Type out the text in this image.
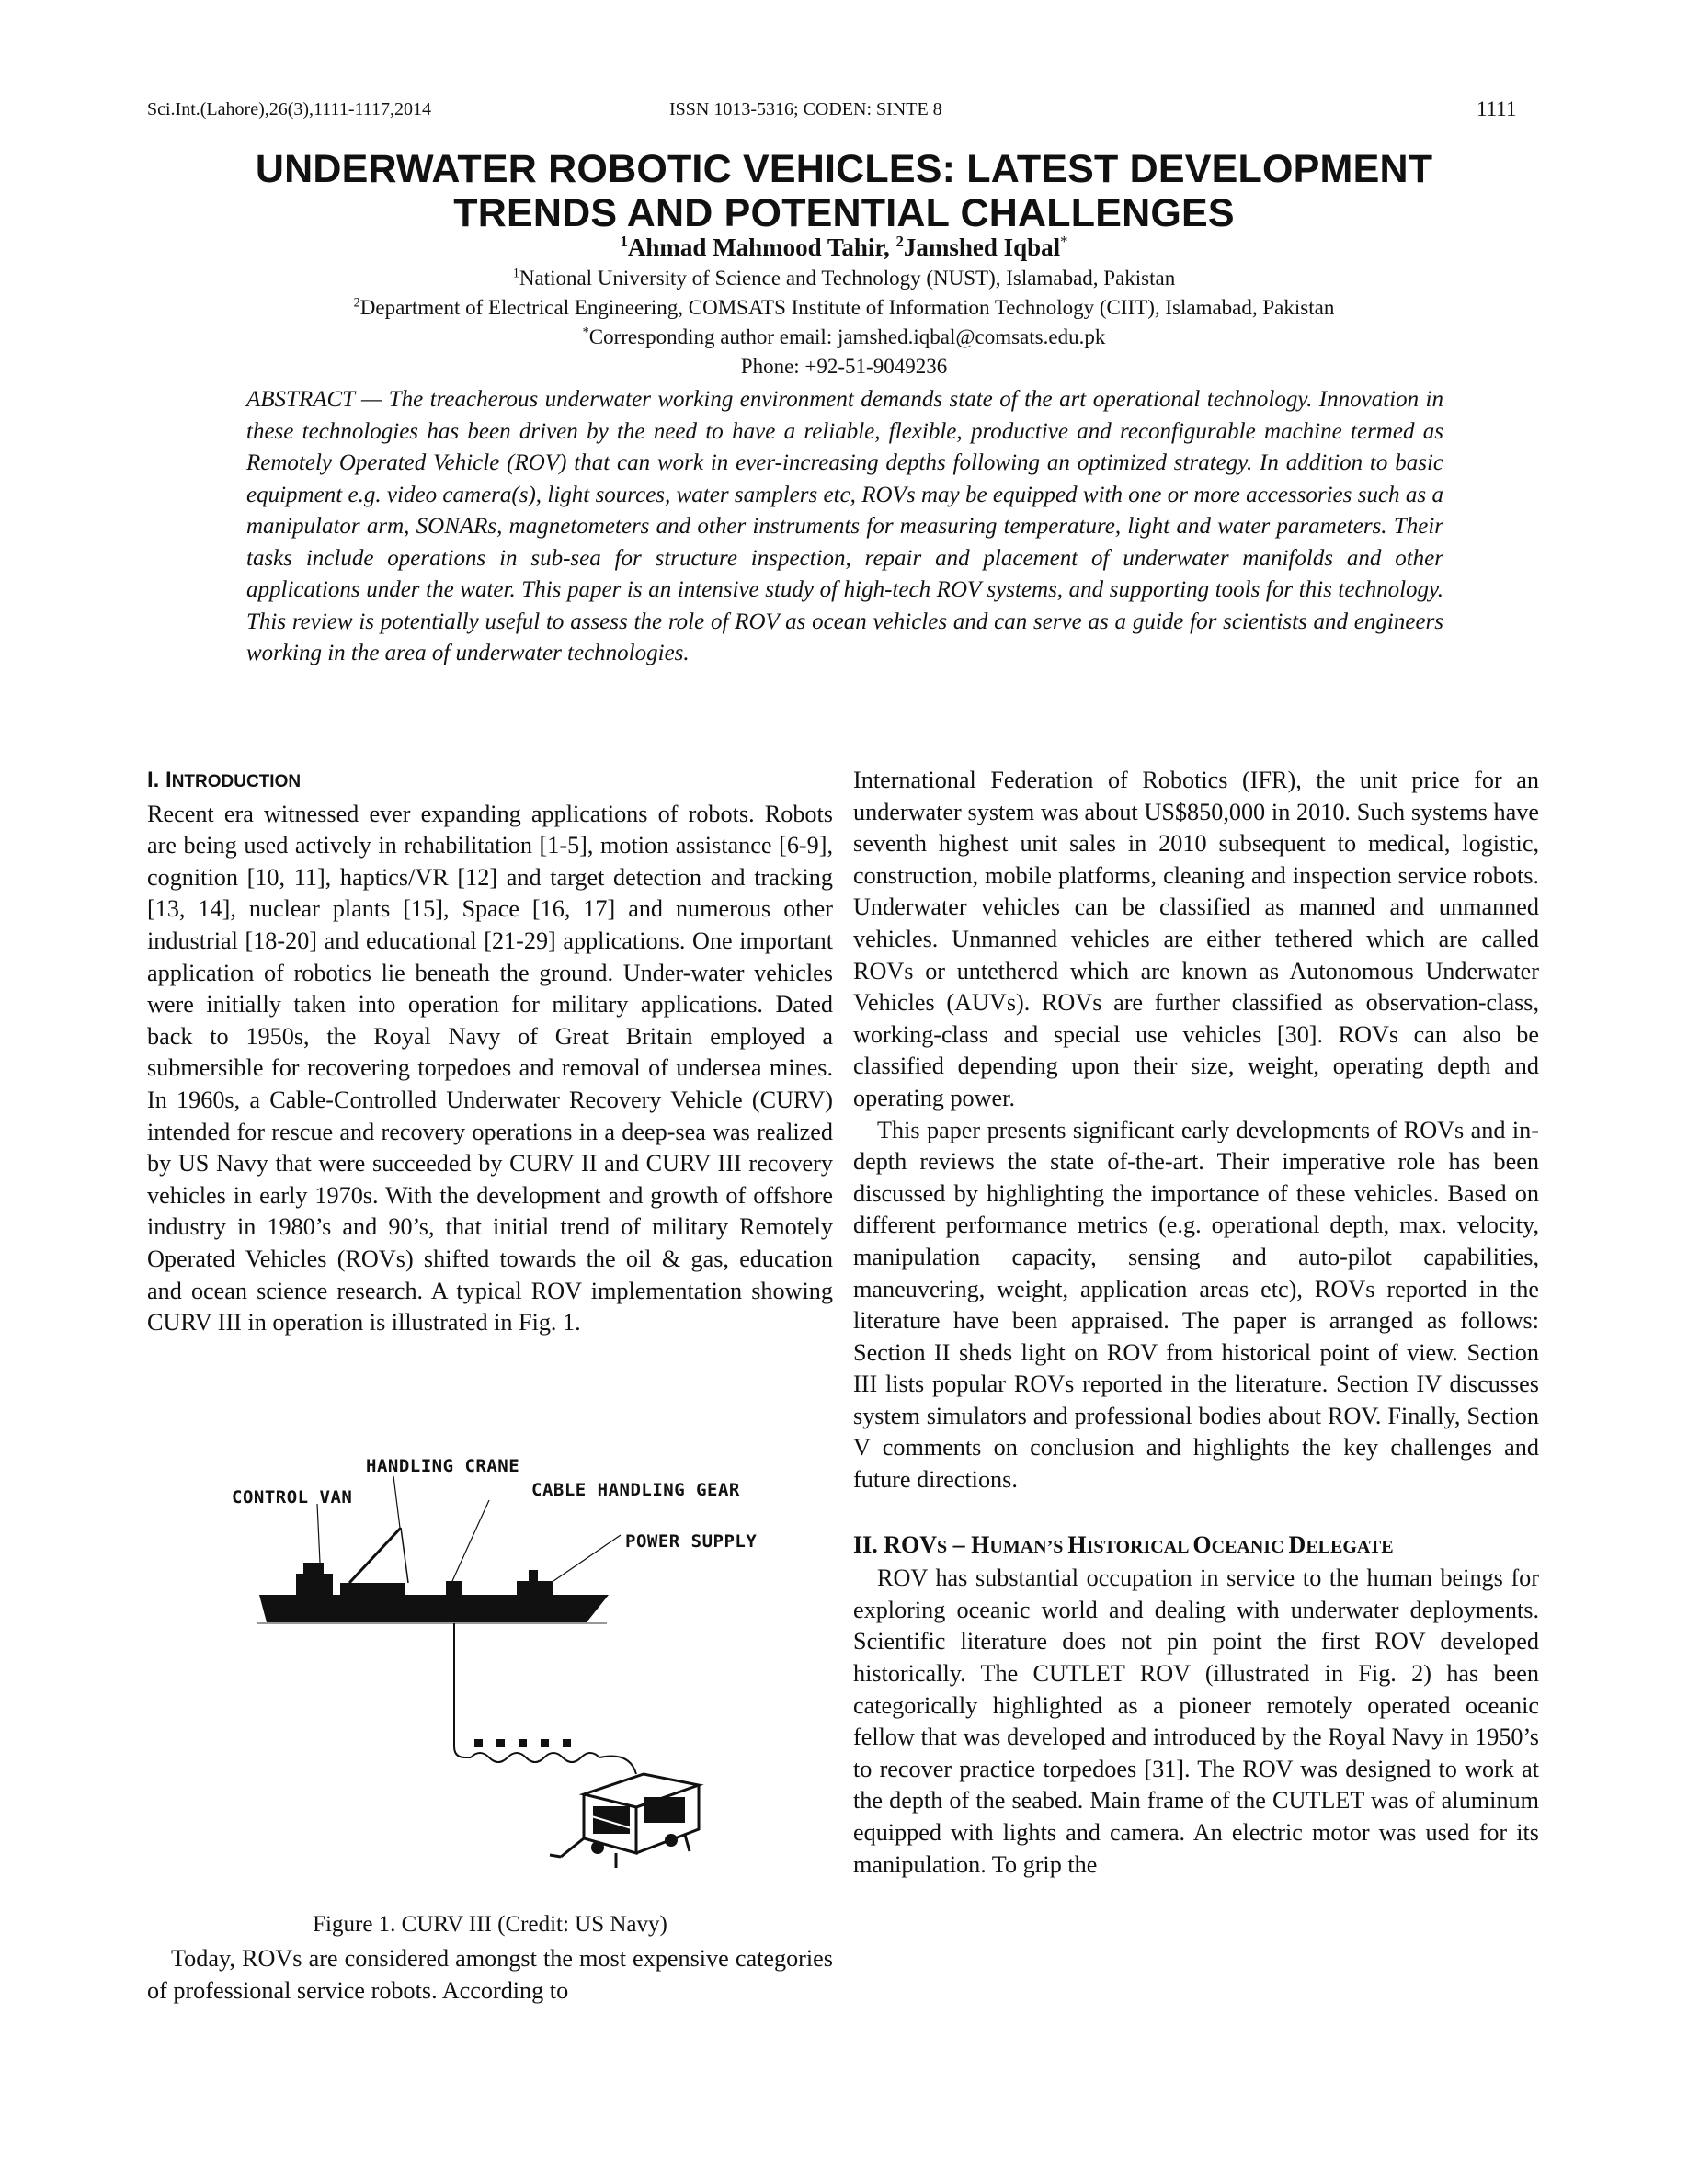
Sci.Int.(Lahore),26(3),1111-1117,2014	ISSN 1013-5316; CODEN: SINTE 8	1111
UNDERWATER ROBOTIC VEHICLES: LATEST DEVELOPMENT
TRENDS AND POTENTIAL CHALLENGES
$^1$Ahmad Mahmood Tahir, $^2$Jamshed Iqbal*
$^1$National University of Science and Technology (NUST), Islamabad, Pakistan
$^2$Department of Electrical Engineering, COMSATS Institute of Information Technology (CIIT), Islamabad, Pakistan
*Corresponding author email: jamshed.iqbal@comsats.edu.pk
Phone: +92-51-9049236
ABSTRACT — The treacherous underwater working environment demands state of the art operational technology. Innovation in these technologies has been driven by the need to have a reliable, flexible, productive and reconfigurable machine termed as Remotely Operated Vehicle (ROV) that can work in ever-increasing depths following an optimized strategy. In addition to basic equipment e.g. video camera(s), light sources, water samplers etc, ROVs may be equipped with one or more accessories such as a manipulator arm, SONARs, magnetometers and other instruments for measuring temperature, light and water parameters. Their tasks include operations in sub-sea for structure inspection, repair and placement of underwater manifolds and other applications under the water. This paper is an intensive study of high-tech ROV systems, and supporting tools for this technology. This review is potentially useful to assess the role of ROV as ocean vehicles and can serve as a guide for scientists and engineers working in the area of underwater technologies.
I. INTRODUCTION

Recent era witnessed ever expanding applications of robots. Robots are being used actively in rehabilitation [1-5], motion assistance [6-9], cognition [10, 11], haptics/VR [12] and target detection and tracking [13, 14], nuclear plants [15], Space [16, 17] and numerous other industrial [18-20] and educational [21-29] applications. One important application of robotics lie beneath the ground. Under-water vehicles were initially taken into operation for military applications. Dated back to 1950s, the Royal Navy of Great Britain employed a submersible for recovering torpedoes and removal of undersea mines. In 1960s, a Cable-Controlled Underwater Recovery Vehicle (CURV) intended for rescue and recovery operations in a deep-sea was realized by US Navy that were succeeded by CURV II and CURV III recovery vehicles in early 1970s. With the development and growth of offshore industry in 1980’s and 90’s, that initial trend of military Remotely Operated Vehicles (ROVs) shifted towards the oil & gas, education and ocean science research. A typical ROV implementation showing CURV III in operation is illustrated in Fig. 1.

HANDLING CRANE
CONTROL VAN	CABLE HANDLING GEAR
POWER SUPPLY
Figure 1. CURV III (Credit: US Navy)

Today, ROVs are considered amongst the most expensive categories of professional service robots. According to

International Federation of Robotics (IFR), the unit price for an underwater system was about US$850,000 in 2010. Such systems have seventh highest unit sales in 2010 subsequent to medical, logistic, construction, mobile platforms, cleaning and inspection service robots. Underwater vehicles can be classified as manned and unmanned vehicles. Unmanned vehicles are either tethered which are called ROVs or untethered which are known as Autonomous Underwater Vehicles (AUVs). ROVs are further classified as observation-class, working-class and special use vehicles [30]. ROVs can also be classified depending upon their size, weight, operating depth and operating power.

This paper presents significant early developments of ROVs and in-depth reviews the state of-the-art. Their imperative role has been discussed by highlighting the importance of these vehicles. Based on different performance metrics (e.g. operational depth, max. velocity, manipulation capacity, sensing and auto-pilot capabilities, maneuvering, weight, application areas etc), ROVs reported in the literature have been appraised. The paper is arranged as follows: Section II sheds light on ROV from historical point of view. Section III lists popular ROVs reported in the literature. Section IV discusses system simulators and professional bodies about ROV. Finally, Section V comments on conclusion and highlights the key challenges and future directions.

II. ROVS – HUMAN’S HISTORICAL OCEANIC DELEGATE

ROV has substantial occupation in service to the human beings for exploring oceanic world and dealing with underwater deployments. Scientific literature does not pin point the first ROV developed historically. The CUTLET ROV (illustrated in Fig. 2) has been categorically highlighted as a pioneer remotely operated oceanic fellow that was developed and introduced by the Royal Navy in 1950’s to recover practice torpedoes [31]. The ROV was designed to work at the depth of the seabed. Main frame of the CUTLET was of aluminum equipped with lights and camera. An electric motor was used for its manipulation. To grip the
